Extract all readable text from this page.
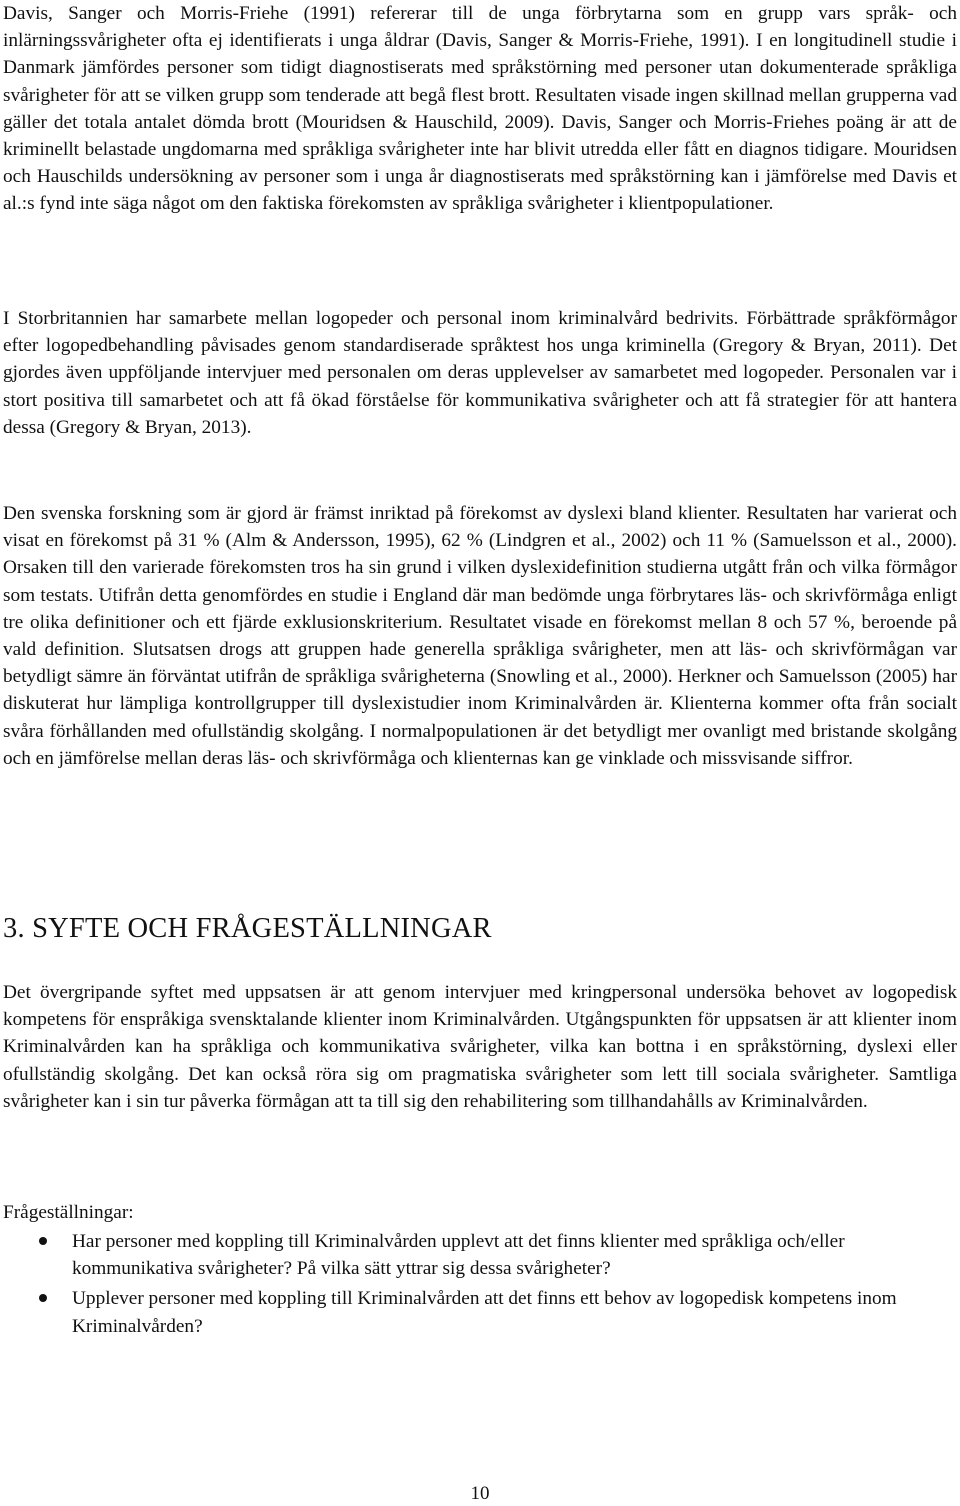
Davis, Sanger och Morris-Friehe (1991) refererar till de unga förbrytarna som en grupp vars språk- och inlärningssvårigheter ofta ej identifierats i unga åldrar (Davis, Sanger & Morris-Friehe, 1991). I en longitudinell studie i Danmark jämfördes personer som tidigt diagnostiserats med språkstörning med personer utan dokumenterade språkliga svårigheter för att se vilken grupp som tenderade att begå flest brott. Resultaten visade ingen skillnad mellan grupperna vad gäller det totala antalet dömda brott (Mouridsen & Hauschild, 2009). Davis, Sanger och Morris-Friehes poäng är att de kriminellt belastade ungdomarna med språkliga svårigheter inte har blivit utredda eller fått en diagnos tidigare. Mouridsen och Hauschilds undersökning av personer som i unga år diagnostiserats med språkstörning kan i jämförelse med Davis et al.:s fynd inte säga något om den faktiska förekomsten av språkliga svårigheter i klientpopulationer.

I Storbritannien har samarbete mellan logopeder och personal inom kriminalvård bedrivits. Förbättrade språkförmågor efter logopedbehandling påvisades genom standardiserade språktest hos unga kriminella (Gregory & Bryan, 2011). Det gjordes även uppföljande intervjuer med personalen om deras upplevelser av samarbetet med logopeder. Personalen var i stort positiva till samarbetet och att få ökad förståelse för kommunikativa svårigheter och att få strategier för att hantera dessa (Gregory & Bryan, 2013).

Den svenska forskning som är gjord är främst inriktad på förekomst av dyslexi bland klienter. Resultaten har varierat och visat en förekomst på 31 % (Alm & Andersson, 1995), 62 % (Lindgren et al., 2002) och 11 % (Samuelsson et al., 2000). Orsaken till den varierade förekomsten tros ha sin grund i vilken dyslexidefinition studierna utgått från och vilka förmågor som testats. Utifrån detta genomfördes en studie i England där man bedömde unga förbrytares läs- och skrivförmåga enligt tre olika definitioner och ett fjärde exklusionskriterium. Resultatet visade en förekomst mellan 8 och 57 %, beroende på vald definition. Slutsatsen drogs att gruppen hade generella språkliga svårigheter, men att läs- och skrivförmågan var betydligt sämre än förväntat utifrån de språkliga svårigheterna (Snowling et al., 2000). Herkner och Samuelsson (2005) har diskuterat hur lämpliga kontrollgrupper till dyslexistudier inom Kriminalvården är. Klienterna kommer ofta från socialt svåra förhållanden med ofullständig skolgång. I normalpopulationen är det betydligt mer ovanligt med bristande skolgång och en jämförelse mellan deras läs- och skrivförmåga och klienternas kan ge vinklade och missvisande siffror.

3. SYFTE OCH FRÅGESTÄLLNINGAR

Det övergripande syftet med uppsatsen är att genom intervjuer med kringpersonal undersöka behovet av logopedisk kompetens för enspråkiga svensktalande klienter inom Kriminalvården. Utgångspunkten för uppsatsen är att klienter inom Kriminalvården kan ha språkliga och kommunikativa svårigheter, vilka kan bottna i en språkstörning, dyslexi eller ofullständig skolgång. Det kan också röra sig om pragmatiska svårigheter som lett till sociala svårigheter. Samtliga svårigheter kan i sin tur påverka förmågan att ta till sig den rehabilitering som tillhandahålls av Kriminalvården.

Frågeställningar:

Har personer med koppling till Kriminalvården upplevt att det finns klienter med språkliga och/eller kommunikativa svårigheter? På vilka sätt yttrar sig dessa svårigheter?
Upplever personer med koppling till Kriminalvården att det finns ett behov av logopedisk kompetens inom Kriminalvården?
10
